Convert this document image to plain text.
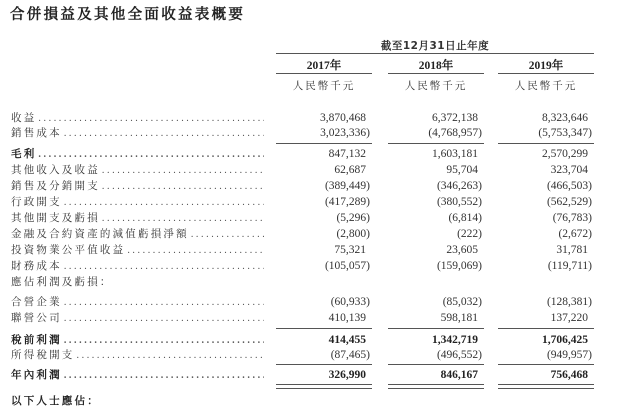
合併損益及其他全面收益表概要
截至12月31日止年度
2017年	2018年	2019年
人民幣千元	人民幣千元	人民幣千元
收益 .....	3,870,468	6,372,138	8,323,646
銷售成本 .....	3,023,336)	(4,768,957)	(5,753,347)
毛利 .....	847,132	1,603,181	2,570,299
其他收入及收益 .....	62,687	95,704	323,704
銷售及分銷開支 .....	(389,449)	(346,263)	(466,503)
行政開支 .....	(417,289)	(380,552)	(562,529)
其他開支及虧損 .....	(5,296)	(6,814)	(76,783)
金融及合約資產的減值虧損淨額 .....	(2,800)	(222)	(2,672)
投資物業公平值收益 .....	75,321	23,605	31,781
財務成本 .....	(105,057)	(159,069)	(119,711)
應佔利潤及虧損：
合營企業 .....	(60,933)	(85,032)	(128,381)
聯營公司 .....	410,139	598,181	137,220
稅前利潤 .....	414,455	1,342,719	1,706,425
所得稅開支 .....	(87,465)	(496,552)	(949,957)
年內利潤 .....	326,990	846,167	756,468
以下人士應佔：
